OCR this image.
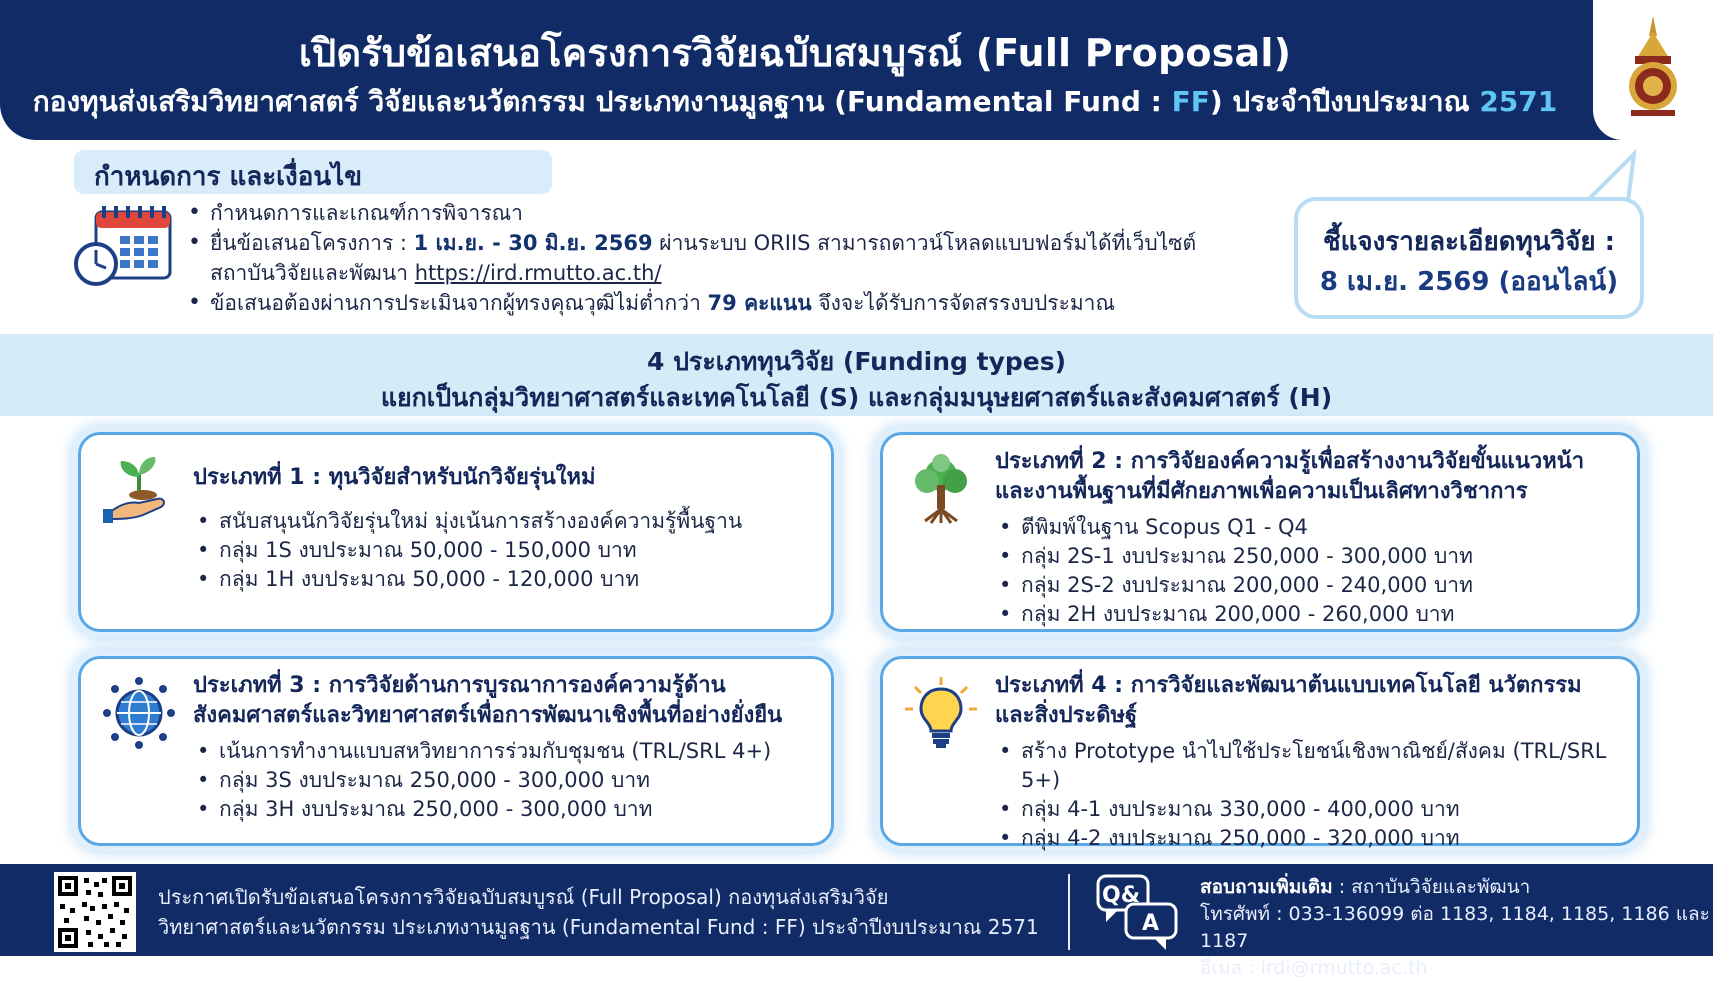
เปิดรับข้อเสนอโครงการวิจัยฉบับสมบูรณ์ (Full Proposal)
กองทุนส่งเสริมวิทยาศาสตร์ วิจัยและนวัตกรรม ประเภทงานมูลฐาน (Fundamental Fund : FF) ประจำปีงบประมาณ 2571
กำหนดการ และเงื่อนไข
• กำหนดการและเกณฑ์การพิจารณา
• ยื่นข้อเสนอโครงการ : 1 เม.ย. - 30 มิ.ย. 2569 ผ่านระบบ ORIIS สามารถดาวน์โหลดแบบฟอร์มได้ที่เว็บไซต์
สถาบันวิจัยและพัฒนา https://ird.rmutto.ac.th/
• ข้อเสนอต้องผ่านการประเมินจากผู้ทรงคุณวุฒิไม่ต่ำกว่า 79 คะแนน จึงจะได้รับการจัดสรรงบประมาณ
ชี้แจงรายละเอียดทุนวิจัย :
8 เม.ย. 2569 (ออนไลน์)
4 ประเภททุนวิจัย (Funding types)
แยกเป็นกลุ่มวิทยาศาสตร์และเทคโนโลยี (S) และกลุ่มมนุษยศาสตร์และสังคมศาสตร์ (H)
ประเภทที่ 1 : ทุนวิจัยสำหรับนักวิจัยรุ่นใหม่
• สนับสนุนนักวิจัยรุ่นใหม่ มุ่งเน้นการสร้างองค์ความรู้พื้นฐาน
• กลุ่ม 1S งบประมาณ 50,000 - 150,000 บาท
• กลุ่ม 1H งบประมาณ 50,000 - 120,000 บาท
ประเภทที่ 2 : การวิจัยองค์ความรู้เพื่อสร้างงานวิจัยขั้นแนวหน้าและงานพื้นฐานที่มีศักยภาพเพื่อความเป็นเลิศทางวิชาการ
• ตีพิมพ์ในฐาน Scopus Q1 - Q4
• กลุ่ม 2S-1 งบประมาณ 250,000 - 300,000 บาท
• กลุ่ม 2S-2 งบประมาณ 200,000 - 240,000 บาท
• กลุ่ม 2H งบประมาณ 200,000 - 260,000 บาท
ประเภทที่ 3 : การวิจัยด้านการบูรณาการองค์ความรู้ด้านสังคมศาสตร์และวิทยาศาสตร์เพื่อการพัฒนาเชิงพื้นที่อย่างยั่งยืน
• เน้นการทำงานแบบสหวิทยาการร่วมกับชุมชน (TRL/SRL 4+)
• กลุ่ม 3S งบประมาณ 250,000 - 300,000 บาท
• กลุ่ม 3H งบประมาณ 250,000 - 300,000 บาท
ประเภทที่ 4 : การวิจัยและพัฒนาต้นแบบเทคโนโลยี นวัตกรรมและสิ่งประดิษฐ์
• สร้าง Prototype นำไปใช้ประโยชน์เชิงพาณิชย์/สังคม (TRL/SRL 5+)
• กลุ่ม 4-1 งบประมาณ 330,000 - 400,000 บาท
• กลุ่ม 4-2 งบประมาณ 250,000 - 320,000 บาท
ประกาศเปิดรับข้อเสนอโครงการวิจัยฉบับสมบูรณ์ (Full Proposal) กองทุนส่งเสริมวิจัย
วิทยาศาสตร์และนวัตกรรม ประเภทงานมูลฐาน (Fundamental Fund : FF) ประจำปีงบประมาณ 2571
Q&
A
สอบถามเพิ่มเติม : สถาบันวิจัยและพัฒนา
โทรศัพท์ : 033-136099 ต่อ 1183, 1184, 1185, 1186 และ 1187
อีเมล : irdi@rmutto.ac.th
